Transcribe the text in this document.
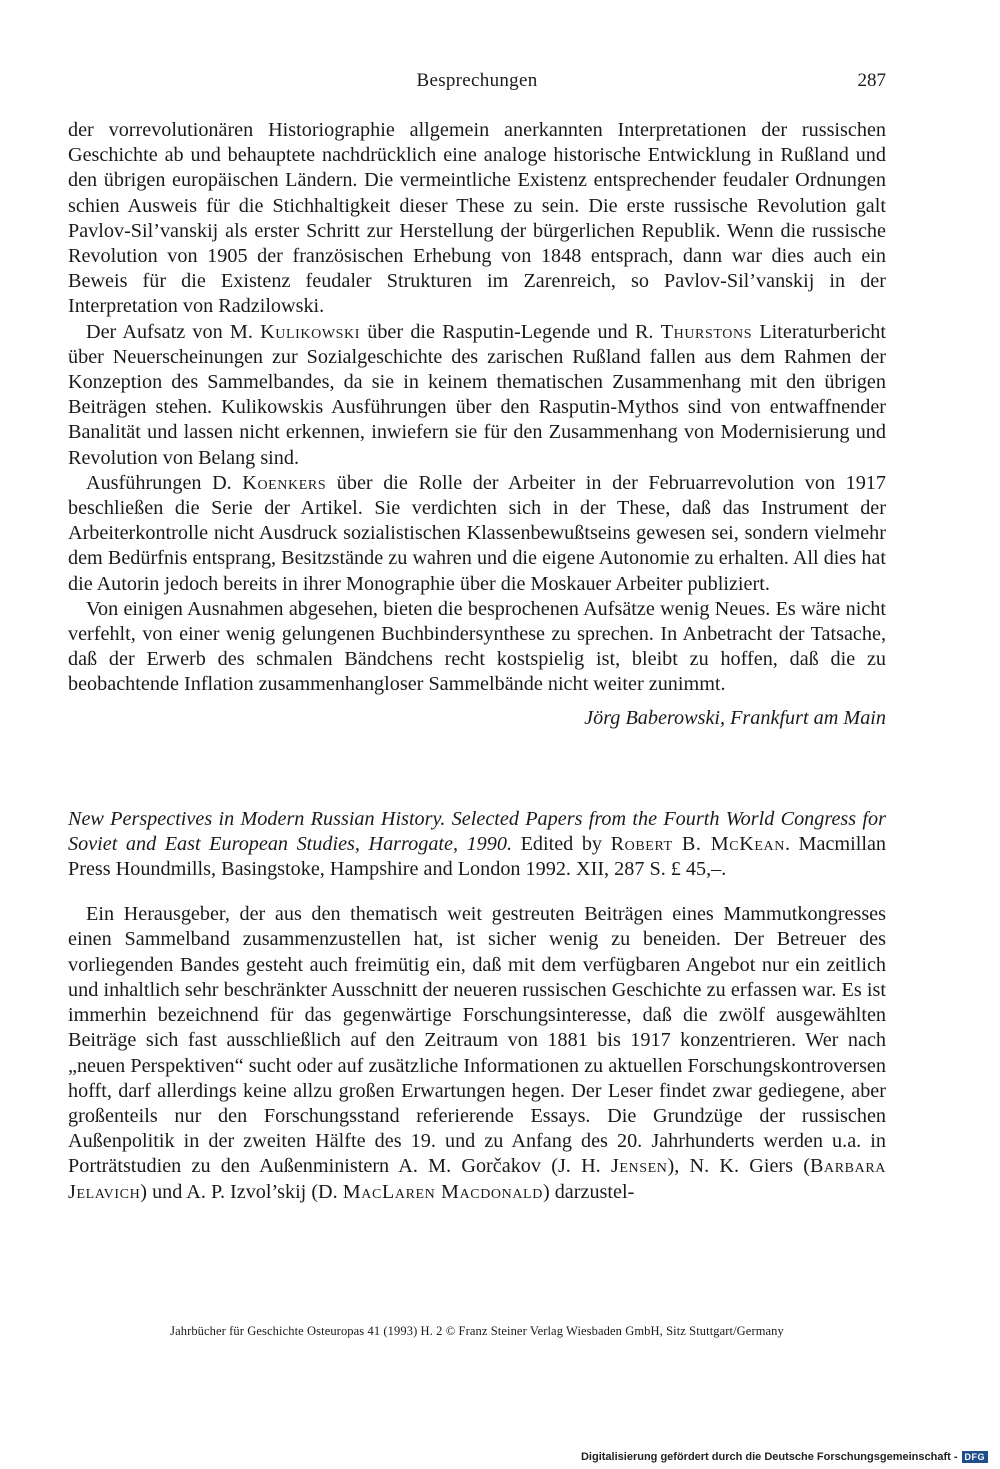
Besprechungen	287

der vorrevolutionären Historiographie allgemein anerkannten Interpretationen der russischen Geschichte ab und behauptete nachdrücklich eine analoge historische Entwicklung in Rußland und den übrigen europäischen Ländern. Die vermeintliche Existenz entsprechender feudaler Ordnungen schien Ausweis für die Stichhaltigkeit dieser These zu sein. Die erste russische Revolution galt Pavlov-Sil’vanskij als erster Schritt zur Herstellung der bürgerlichen Republik. Wenn die russische Revolution von 1905 der französischen Erhebung von 1848 entsprach, dann war dies auch ein Beweis für die Existenz feudaler Strukturen im Zarenreich, so Pavlov-Sil’vanskij in der Interpretation von Radzilowski.

Der Aufsatz von M. Kulikowski über die Rasputin-Legende und R. Thurstons Literaturbericht über Neuerscheinungen zur Sozialgeschichte des zarischen Rußland fallen aus dem Rahmen der Konzeption des Sammelbandes, da sie in keinem thematischen Zusammenhang mit den übrigen Beiträgen stehen. Kulikowskis Ausführungen über den Rasputin-Mythos sind von entwaffnender Banalität und lassen nicht erkennen, inwiefern sie für den Zusammenhang von Modernisierung und Revolution von Belang sind.

Ausführungen D. Koenkers über die Rolle der Arbeiter in der Februarrevolution von 1917 beschließen die Serie der Artikel. Sie verdichten sich in der These, daß das Instrument der Arbeiterkontrolle nicht Ausdruck sozialistischen Klassenbewußtseins gewesen sei, sondern vielmehr dem Bedürfnis entsprang, Besitzstände zu wahren und die eigene Autonomie zu erhalten. All dies hat die Autorin jedoch bereits in ihrer Monographie über die Moskauer Arbeiter publiziert.

Von einigen Ausnahmen abgesehen, bieten die besprochenen Aufsätze wenig Neues. Es wäre nicht verfehlt, von einer wenig gelungenen Buchbindersynthese zu sprechen. In Anbetracht der Tatsache, daß der Erwerb des schmalen Bändchens recht kostspielig ist, bleibt zu hoffen, daß die zu beobachtende Inflation zusammenhangloser Sammelbände nicht weiter zunimmt.

Jörg Baberowski, Frankfurt am Main
New Perspectives in Modern Russian History. Selected Papers from the Fourth World Congress for Soviet and East European Studies, Harrogate, 1990. Edited by Robert B. McKean. Macmillan Press Houndmills, Basingstoke, Hampshire and London 1992. XII, 287 S. £ 45,–.

Ein Herausgeber, der aus den thematisch weit gestreuten Beiträgen eines Mammutkongresses einen Sammelband zusammenzustellen hat, ist sicher wenig zu beneiden. Der Betreuer des vorliegenden Bandes gesteht auch freimütig ein, daß mit dem verfügbaren Angebot nur ein zeitlich und inhaltlich sehr beschränkter Ausschnitt der neueren russischen Geschichte zu erfassen war. Es ist immerhin bezeichnend für das gegenwärtige Forschungsinteresse, daß die zwölf ausgewählten Beiträge sich fast ausschließlich auf den Zeitraum von 1881 bis 1917 konzentrieren. Wer nach „neuen Perspektiven“ sucht oder auf zusätzliche Informationen zu aktuellen Forschungskontroversen hofft, darf allerdings keine allzu großen Erwartungen hegen. Der Leser findet zwar gediegene, aber großenteils nur den Forschungsstand referierende Essays. Die Grundzüge der russischen Außenpolitik in der zweiten Hälfte des 19. und zu Anfang des 20. Jahrhunderts werden u.a. in Porträtstudien zu den Außenministern A. M. Gorčakov (J. H. Jensen), N. K. Giers (Barbara Jelavich) und A. P. Izvol’skij (D. MacLaren Macdonald) darzustel-

Jahrbücher für Geschichte Osteuropas 41 (1993) H. 2 © Franz Steiner Verlag Wiesbaden GmbH, Sitz Stuttgart/Germany
Digitalisierung gefördert durch die Deutsche Forschungsgemeinschaft - DFG
